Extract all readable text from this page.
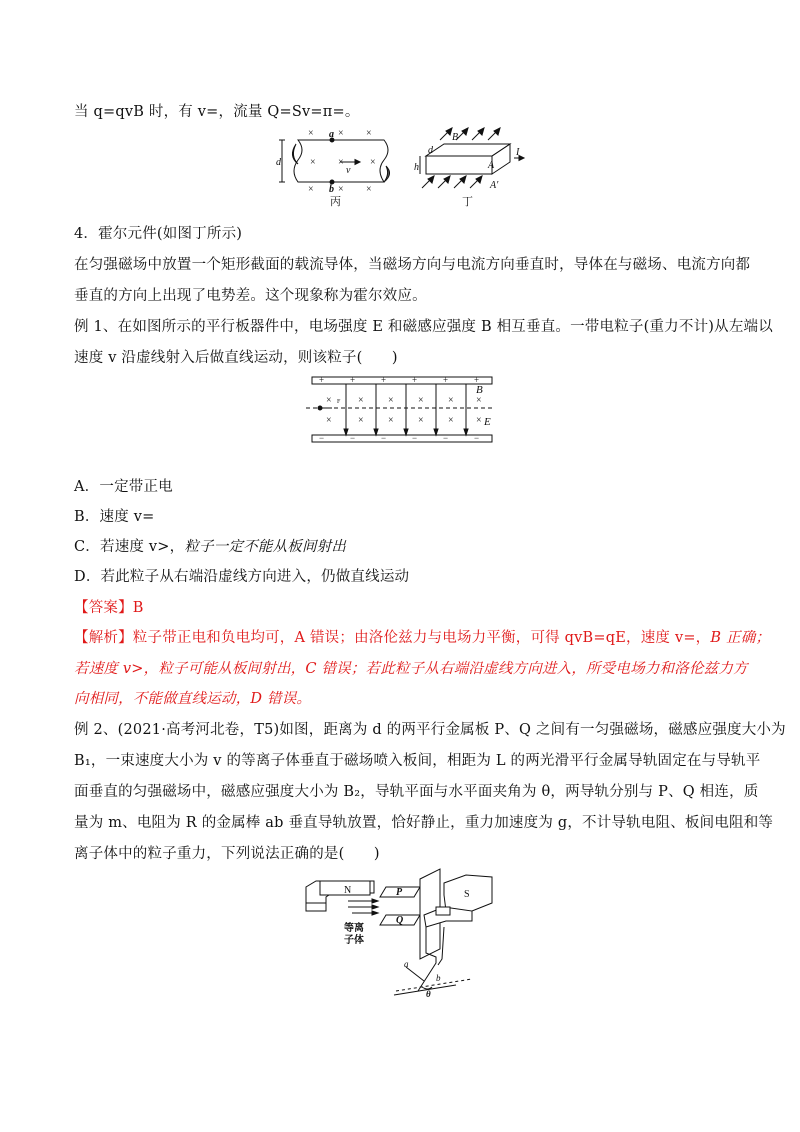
当 q=qvB 时，有 v=，流量 Q=Sv=π=。
× × ×
× ×	×
× × ×
a
b
d
v
丙
B
d
h	A
A′
I
丁
4．霍尔元件(如图丁所示)
在匀强磁场中放置一个矩形截面的载流导体，当磁场方向与电流方向垂直时，导体在与磁场、电流方向都
垂直的方向上出现了电势差。这个现象称为霍尔效应。
例 1、在如图所示的平行板器件中，电场强度 E 和磁感应强度 B 相互垂直。一带电粒子(重力不计)从左端以
速度 v 沿虚线射入后做直线运动，则该粒子(　　)
+	+	+	+	+	+
−	−	−	−	−	−
×	× × × × ×
×	× × × × ×
F
B
E
A．一定带正电
B．速度 v=
C．若速度 v>，粒子一定不能从板间射出
D．若此粒子从右端沿虚线方向进入，仍做直线运动
【答案】B
【解析】粒子带正电和负电均可，A 错误；由洛伦兹力与电场力平衡，可得 qvB=qE，速度 v=，B 正确；
若速度 v>，粒子可能从板间射出，C 错误；若此粒子从右端沿虚线方向进入，所受电场力和洛伦兹力方
向相同，不能做直线运动，D 错误。
例 2、(2021·高考河北卷，T5)如图，距离为 d 的两平行金属板 P、Q 之间有一匀强磁场，磁感应强度大小为
B₁，一束速度大小为 v 的等离子体垂直于磁场喷入板间，相距为 L 的两光滑平行金属导轨固定在与导轨平
面垂直的匀强磁场中，磁感应强度大小为 B₂，导轨平面与水平面夹角为 θ，两导轨分别与 P、Q 相连，质
量为 m、电阻为 R 的金属棒 ab 垂直导轨放置，恰好静止，重力加速度为 g，不计导轨电阻、板间电阻和等
离子体中的粒子重力，下列说法正确的是(　　)
N	P
Q
S
等离
子体
a
b
θ
